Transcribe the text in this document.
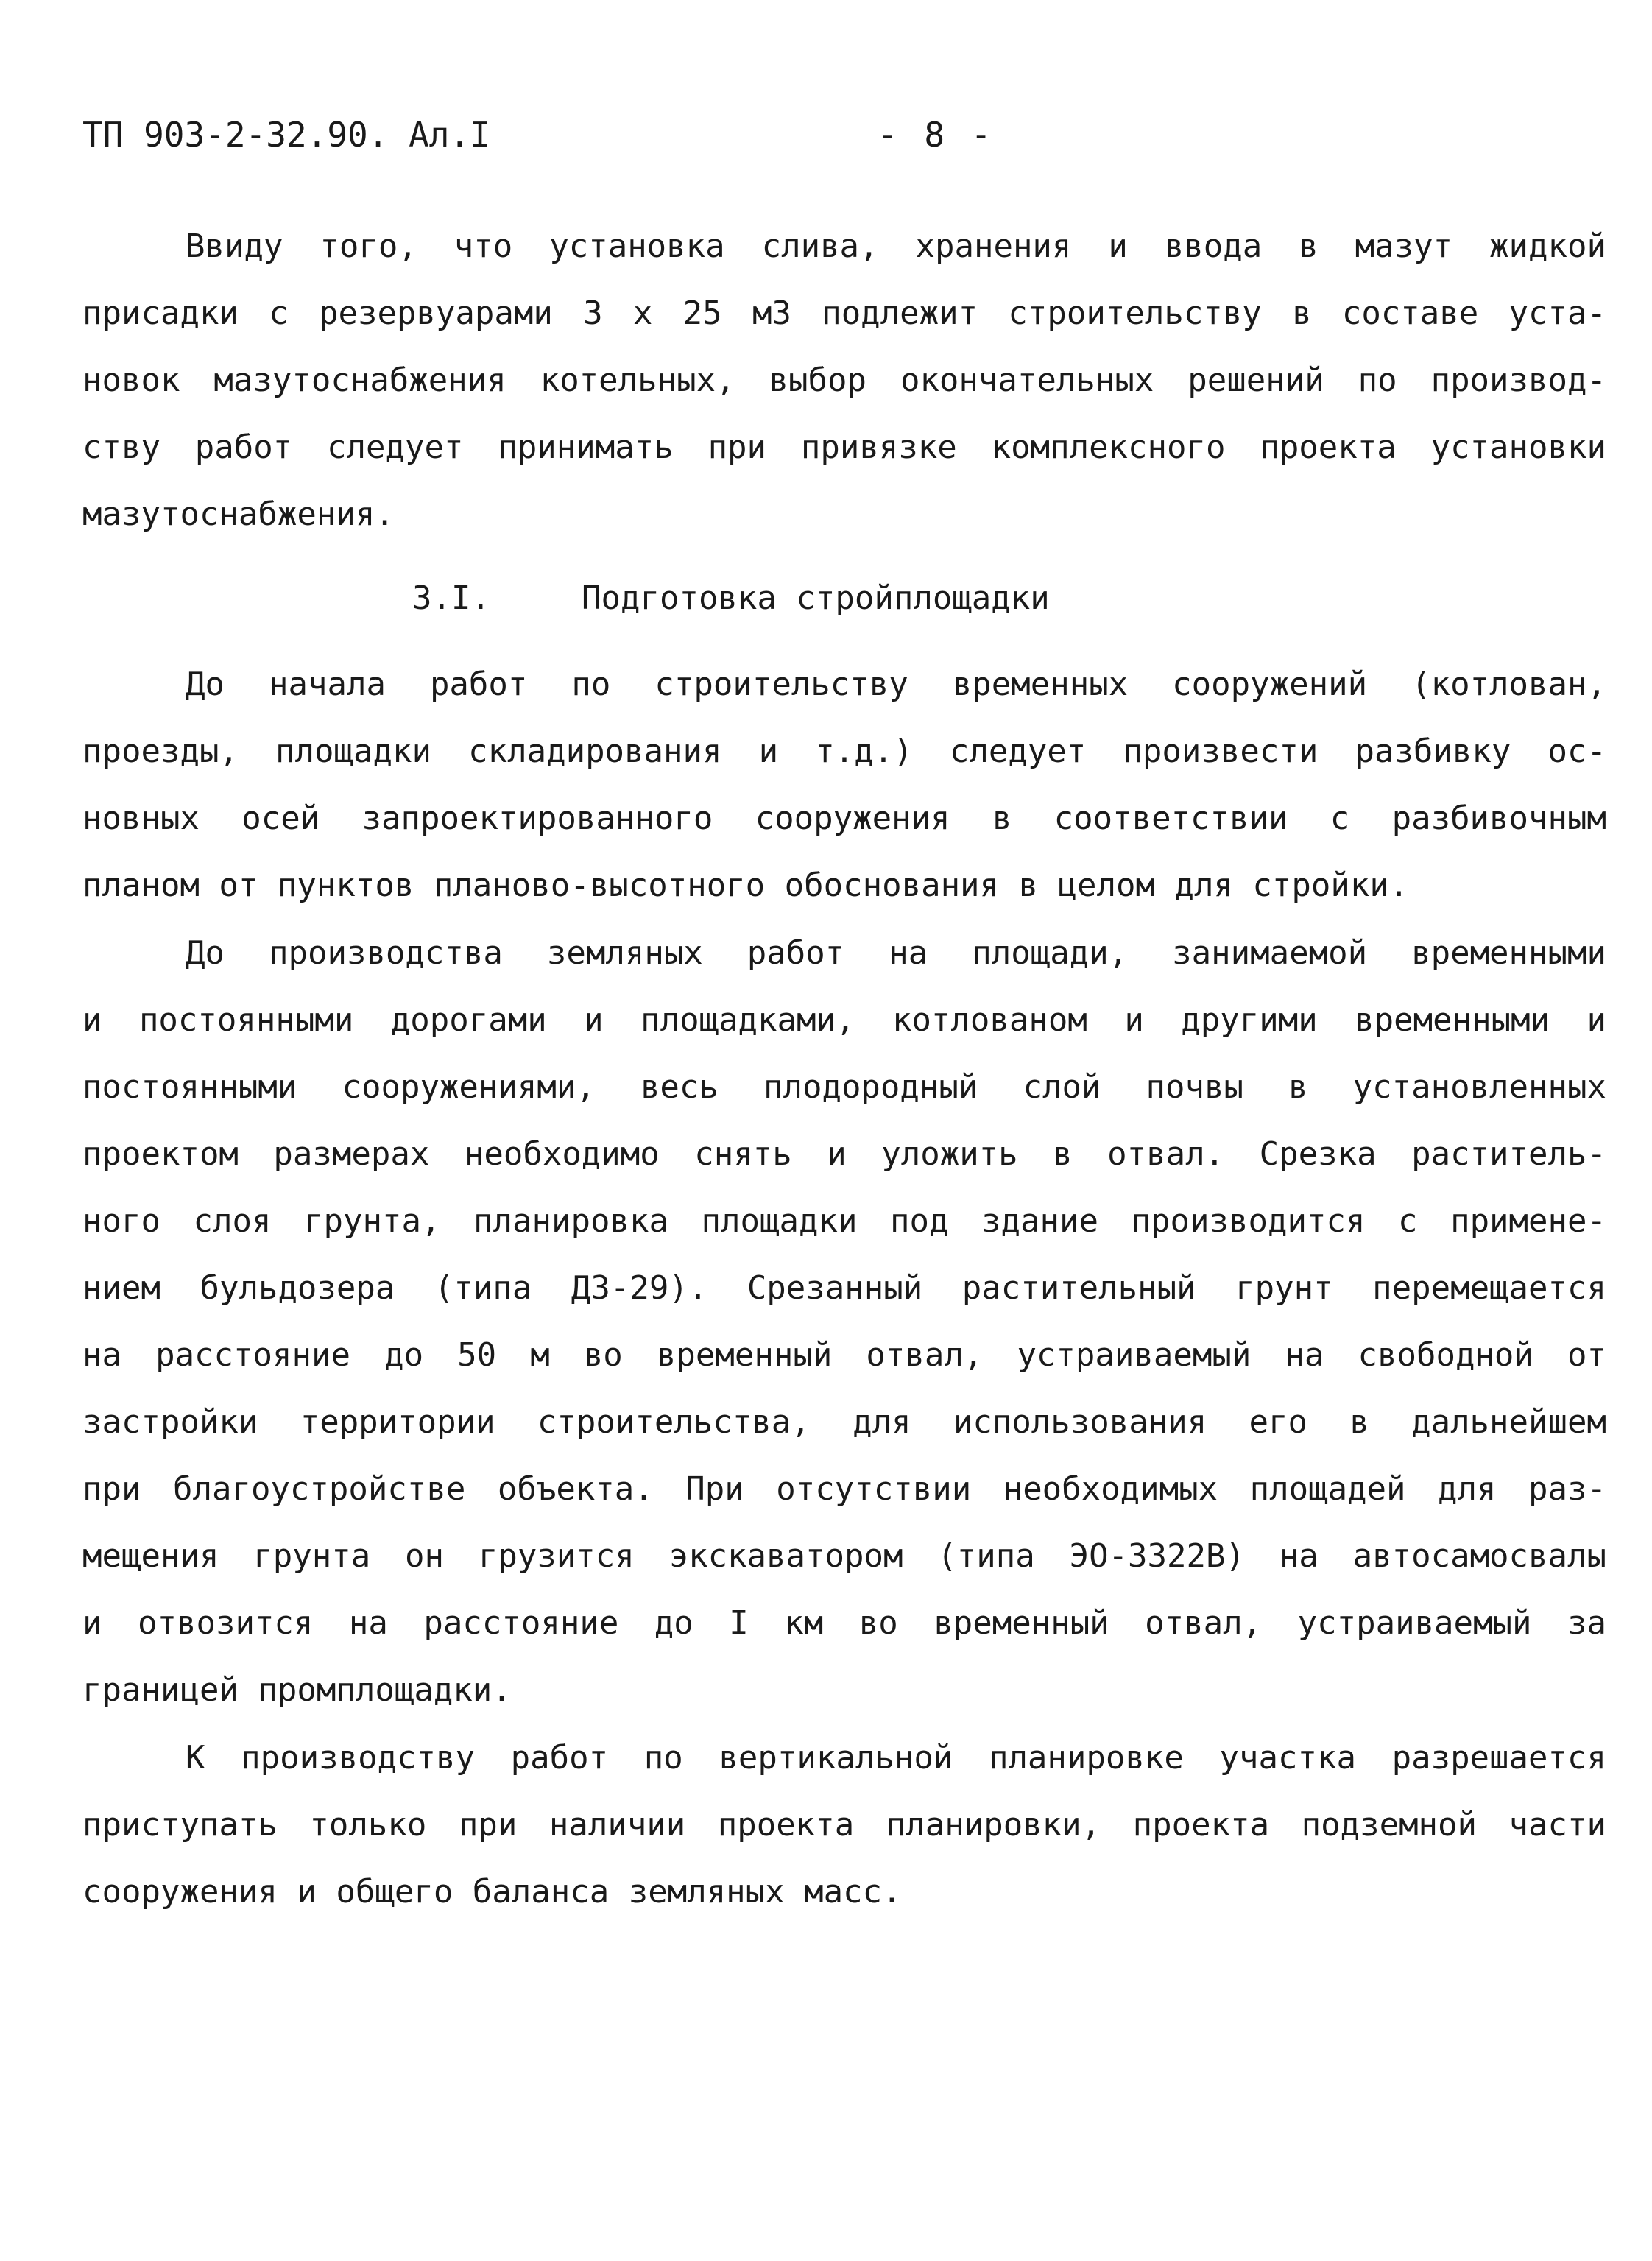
ТП 903-2-32.90. Ал.I	- 8 -
Ввиду того, что установка слива, хранения и ввода в мазут жидкой
присадки с резервуарами 3 х 25 м3 подлежит строительству в составе уста-
новок мазутоснабжения котельных, выбор окончательных решений по производ-
ству работ следует принимать при привязке комплексного проекта установки
мазутоснабжения.
3.I.	Подготовка стройплощадки
До начала работ по строительству временных сооружений (котлован,
проезды, площадки складирования и т.д.) следует произвести разбивку ос-
новных осей запроектированного сооружения в соответствии с разбивочным
планом от пунктов планово-высотного обоснования в целом для стройки.
До производства земляных работ на площади, занимаемой временными
и постоянными дорогами и площадками, котлованом и другими временными и
постоянными сооружениями, весь плодородный слой почвы в установленных
проектом размерах необходимо снять и уложить в отвал. Срезка раститель-
ного слоя грунта, планировка площадки под здание производится с примене-
нием бульдозера (типа ДЗ-29). Срезанный растительный грунт перемещается
на расстояние до 50 м во временный отвал, устраиваемый на свободной от
застройки территории строительства, для использования его в дальнейшем
при благоустройстве объекта. При отсутствии необходимых площадей для раз-
мещения грунта он грузится экскаватором (типа ЭО-3322В) на автосамосвалы
и отвозится на расстояние до I км во временный отвал, устраиваемый за
границей промплощадки.
К производству работ по вертикальной планировке участка разрешается
приступать только при наличии проекта планировки, проекта подземной части
сооружения и общего баланса земляных масс.
